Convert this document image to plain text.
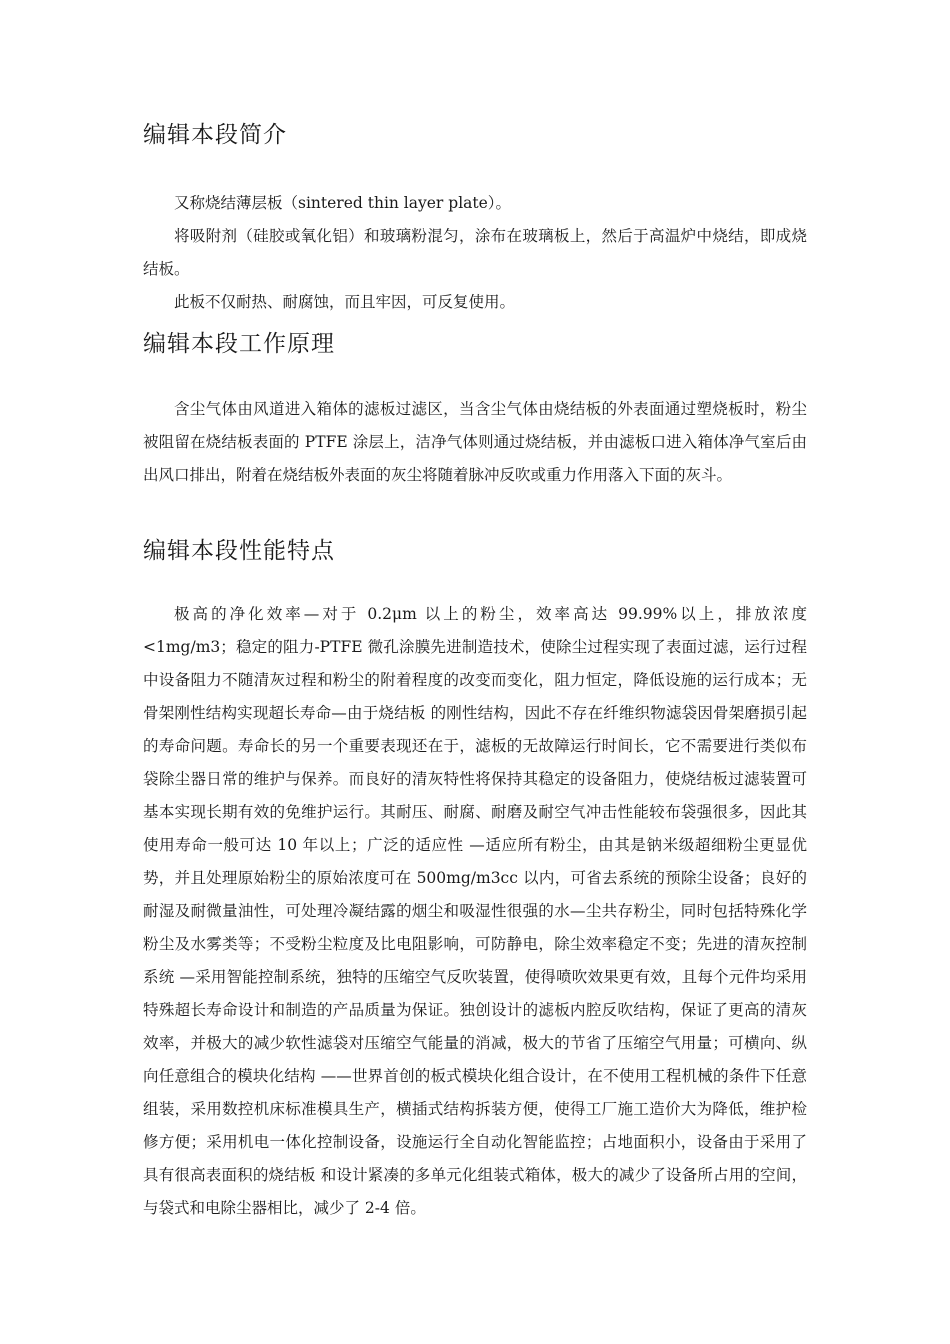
编辑本段简介

又称烧结薄层板（sintered thin layer plate）。

将吸附剂（硅胶或氧化铝）和玻璃粉混匀，涂布在玻璃板上，然后于高温炉中烧结，即成烧结板。

此板不仅耐热、耐腐蚀，而且牢因，可反复使用。

编辑本段工作原理

含尘气体由风道进入箱体的滤板过滤区，当含尘气体由烧结板的外表面通过塑烧板时，粉尘被阻留在烧结板表面的 PTFE 涂层上，洁净气体则通过烧结板，并由滤板口进入箱体净气室后由出风口排出，附着在烧结板外表面的灰尘将随着脉冲反吹或重力作用落入下面的灰斗。

编辑本段性能特点

极高的净化效率—对于 0.2μm 以上的粉尘，效率高达 99.99%以上，排放浓度<1mg/m3；稳定的阻力-PTFE 微孔涂膜先进制造技术，使除尘过程实现了表面过滤，运行过程中设备阻力不随清灰过程和粉尘的附着程度的改变而变化，阻力恒定，降低设施的运行成本；无骨架刚性结构实现超长寿命—由于烧结板 的刚性结构，因此不存在纤维织物滤袋因骨架磨损引起的寿命问题。寿命长的另一个重要表现还在于，滤板的无故障运行时间长，它不需要进行类似布袋除尘器日常的维护与保养。而良好的清灰特性将保持其稳定的设备阻力，使烧结板过滤装置可基本实现长期有效的免维护运行。其耐压、耐腐、耐磨及耐空气冲击性能较布袋强很多，因此其使用寿命一般可达 10 年以上；广泛的适应性 —适应所有粉尘，由其是钠米级超细粉尘更显优势，并且处理原始粉尘的原始浓度可在 500mg/m3cc 以内，可省去系统的预除尘设备；良好的耐湿及耐微量油性，可处理冷凝结露的烟尘和吸湿性很强的水—尘共存粉尘，同时包括特殊化学粉尘及水雾类等；不受粉尘粒度及比电阻影响，可防静电，除尘效率稳定不变；先进的清灰控制系统 —采用智能控制系统，独特的压缩空气反吹装置，使得喷吹效果更有效，且每个元件均采用特殊超长寿命设计和制造的产品质量为保证。独创设计的滤板内腔反吹结构，保证了更高的清灰效率，并极大的减少软性滤袋对压缩空气能量的消减，极大的节省了压缩空气用量；可横向、纵向任意组合的模块化结构 ——世界首创的板式模块化组合设计，在不使用工程机械的条件下任意组装，采用数控机床标准模具生产，横插式结构拆装方便，使得工厂施工造价大为降低，维护检修方便；采用机电一体化控制设备，设施运行全自动化智能监控；占地面积小，设备由于采用了具有很高表面积的烧结板 和设计紧凑的多单元化组装式箱体，极大的减少了设备所占用的空间，与袋式和电除尘器相比，减少了 2-4 倍。
